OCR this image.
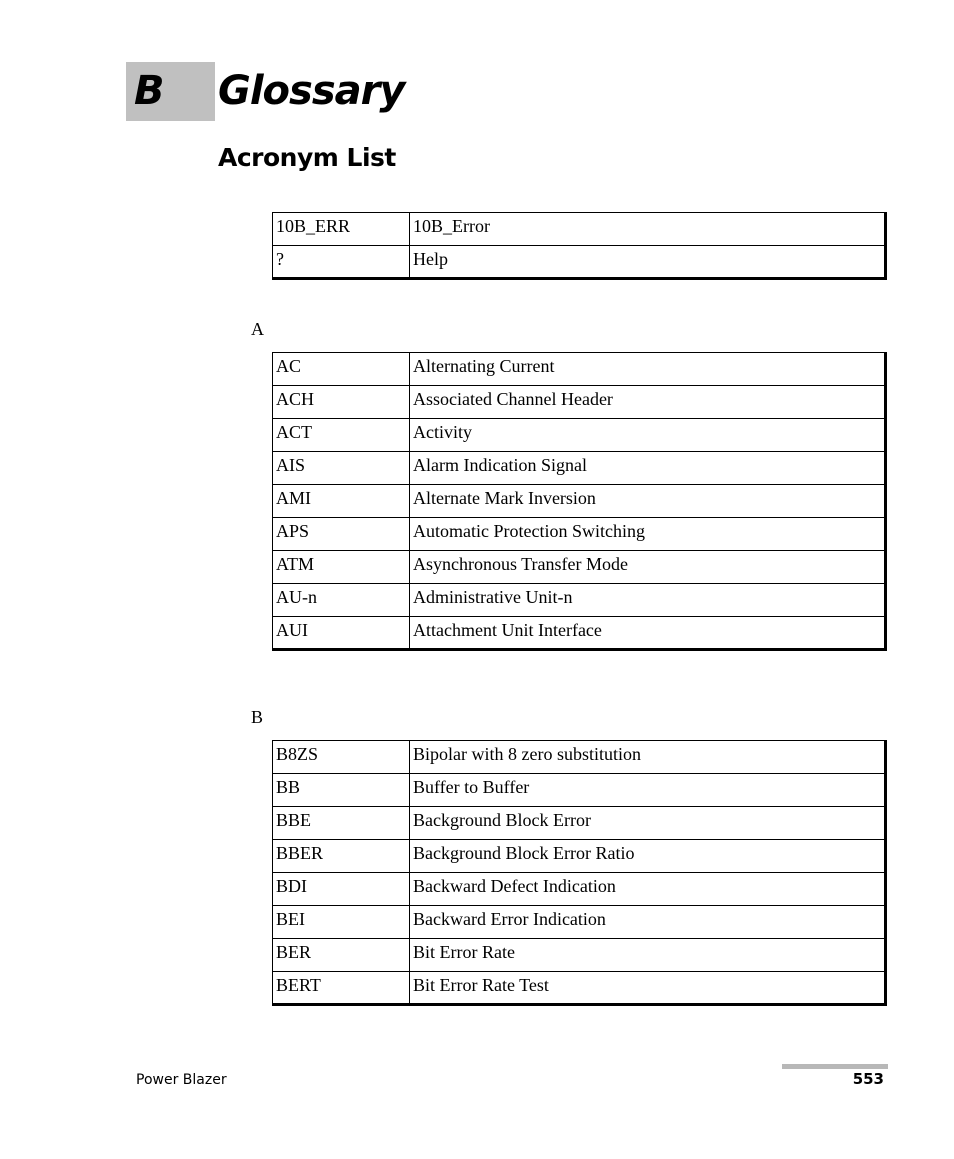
B Glossary
Acronym List
10B_ERR	10B_Error
?	Help
A
AC	Alternating Current
ACH	Associated Channel Header
ACT	Activity
AIS	Alarm Indication Signal
AMI	Alternate Mark Inversion
APS	Automatic Protection Switching
ATM	Asynchronous Transfer Mode
AU-n	Administrative Unit-n
AUI	Attachment Unit Interface
B
B8ZS	Bipolar with 8 zero substitution
BB	Buffer to Buffer
BBE	Background Block Error
BBER	Background Block Error Ratio
BDI	Backward Defect Indication
BEI	Backward Error Indication
BER	Bit Error Rate
BERT	Bit Error Rate Test
Power Blazer	553
